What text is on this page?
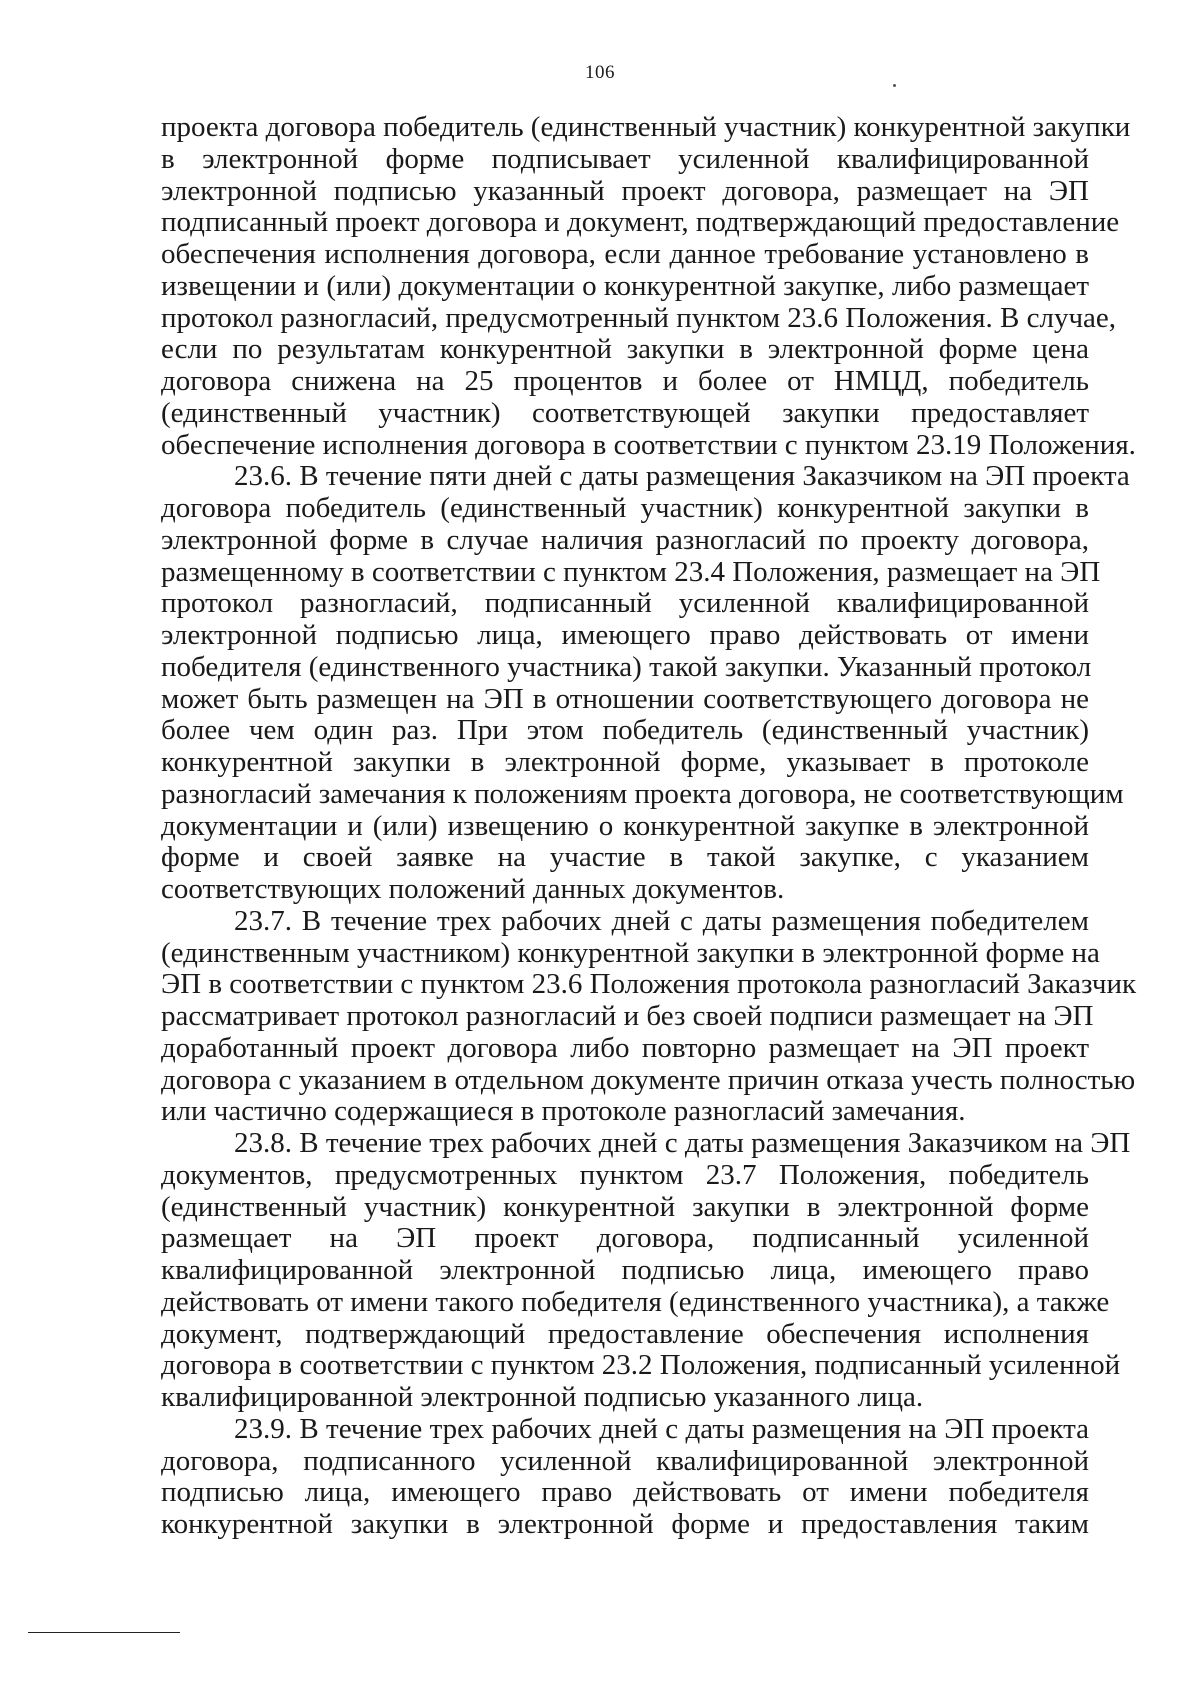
106
проекта договора победитель (единственный участник) конкурентной закупки
в электронной форме подписывает усиленной квалифицированной
электронной подписью указанный проект договора, размещает на ЭП
подписанный проект договора и документ, подтверждающий предоставление
обеспечения исполнения договора, если данное требование установлено в
извещении и (или) документации о конкурентной закупке, либо размещает
протокол разногласий, предусмотренный пунктом 23.6 Положения. В случае,
если по результатам конкурентной закупки в электронной форме цена
договора снижена на 25 процентов и более от НМЦД, победитель
(единственный участник) соответствующей закупки предоставляет
обеспечение исполнения договора в соответствии с пунктом 23.19 Положения.
23.6. В течение пяти дней с даты размещения Заказчиком на ЭП проекта
договора победитель (единственный участник) конкурентной закупки в
электронной форме в случае наличия разногласий по проекту договора,
размещенному в соответствии с пунктом 23.4 Положения, размещает на ЭП
протокол разногласий, подписанный усиленной квалифицированной
электронной подписью лица, имеющего право действовать от имени
победителя (единственного участника) такой закупки. Указанный протокол
может быть размещен на ЭП в отношении соответствующего договора не
более чем один раз. При этом победитель (единственный участник)
конкурентной закупки в электронной форме, указывает в протоколе
разногласий замечания к положениям проекта договора, не соответствующим
документации и (или) извещению о конкурентной закупке в электронной
форме и своей заявке на участие в такой закупке, с указанием
соответствующих положений данных документов.
23.7. В течение трех рабочих дней с даты размещения победителем
(единственным участником) конкурентной закупки в электронной форме на
ЭП в соответствии с пунктом 23.6 Положения протокола разногласий Заказчик
рассматривает протокол разногласий и без своей подписи размещает на ЭП
доработанный проект договора либо повторно размещает на ЭП проект
договора с указанием в отдельном документе причин отказа учесть полностью
или частично содержащиеся в протоколе разногласий замечания.
23.8. В течение трех рабочих дней с даты размещения Заказчиком на ЭП
документов, предусмотренных пунктом 23.7 Положения, победитель
(единственный участник) конкурентной закупки в электронной форме
размещает на ЭП проект договора, подписанный усиленной
квалифицированной электронной подписью лица, имеющего право
действовать от имени такого победителя (единственного участника), а также
документ, подтверждающий предоставление обеспечения исполнения
договора в соответствии с пунктом 23.2 Положения, подписанный усиленной
квалифицированной электронной подписью указанного лица.
23.9. В течение трех рабочих дней с даты размещения на ЭП проекта
договора, подписанного усиленной квалифицированной электронной
подписью лица, имеющего право действовать от имени победителя
конкурентной закупки в электронной форме и предоставления таким
